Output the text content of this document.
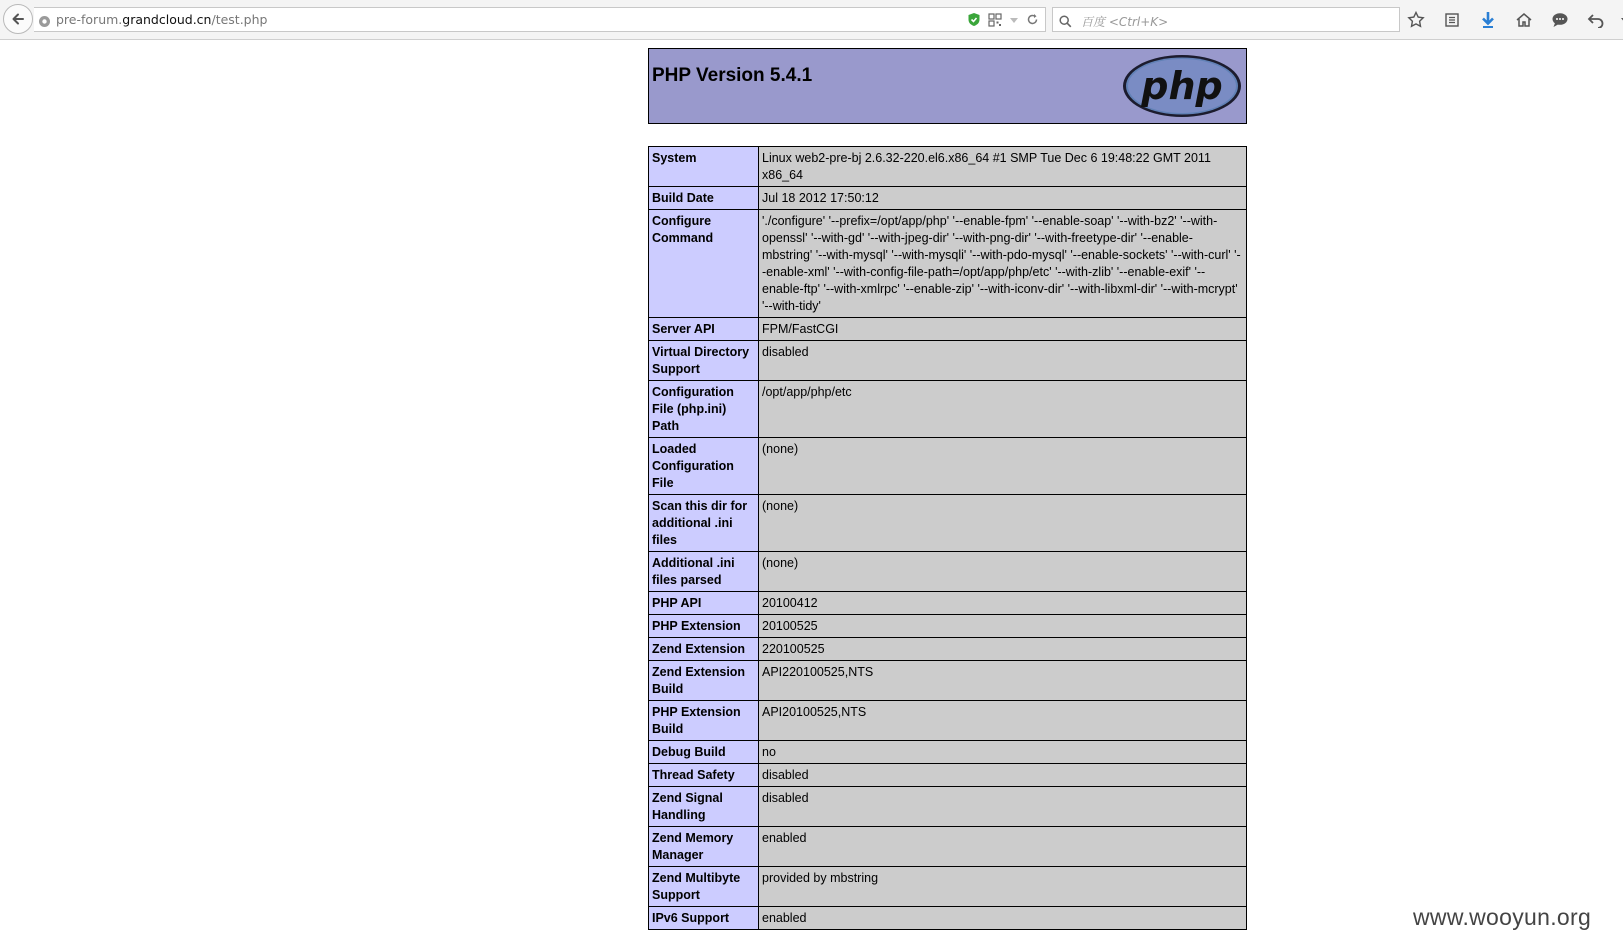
pre-forum.grandcloud.cn/test.php	百度 <Ctrl+K>
PHP Version 5.4.1	php
System	Linux web2-pre-bj 2.6.32-220.el6.x86_64 #1 SMP Tue Dec 6 19:48:22 GMT 2011 x86_64
Build Date	Jul 18 2012 17:50:12
Configure Command	'./configure' '--prefix=/opt/app/php' '--enable-fpm' '--enable-soap' '--with-bz2' '--with-openssl' '--with-gd' '--with-jpeg-dir' '--with-png-dir' '--with-freetype-dir' '--enable-mbstring' '--with-mysql' '--with-mysqli' '--with-pdo-mysql' '--enable-sockets' '--with-curl' '--enable-xml' '--with-config-file-path=/opt/app/php/etc' '--with-zlib' '--enable-exif' '--enable-ftp' '--with-xmlrpc' '--enable-zip' '--with-iconv-dir' '--with-libxml-dir' '--with-mcrypt' '--with-tidy'
Server API	FPM/FastCGI
Virtual Directory Support	disabled
Configuration File (php.ini) Path	/opt/app/php/etc
Loaded Configuration File	(none)
Scan this dir for additional .ini files	(none)
Additional .ini files parsed	(none)
PHP API	20100412
PHP Extension	20100525
Zend Extension	220100525
Zend Extension Build	API220100525,NTS
PHP Extension Build	API20100525,NTS
Debug Build	no
Thread Safety	disabled
Zend Signal Handling	disabled
Zend Memory Manager	enabled
Zend Multibyte Support	provided by mbstring
IPv6 Support	enabled	www.wooyun.org
